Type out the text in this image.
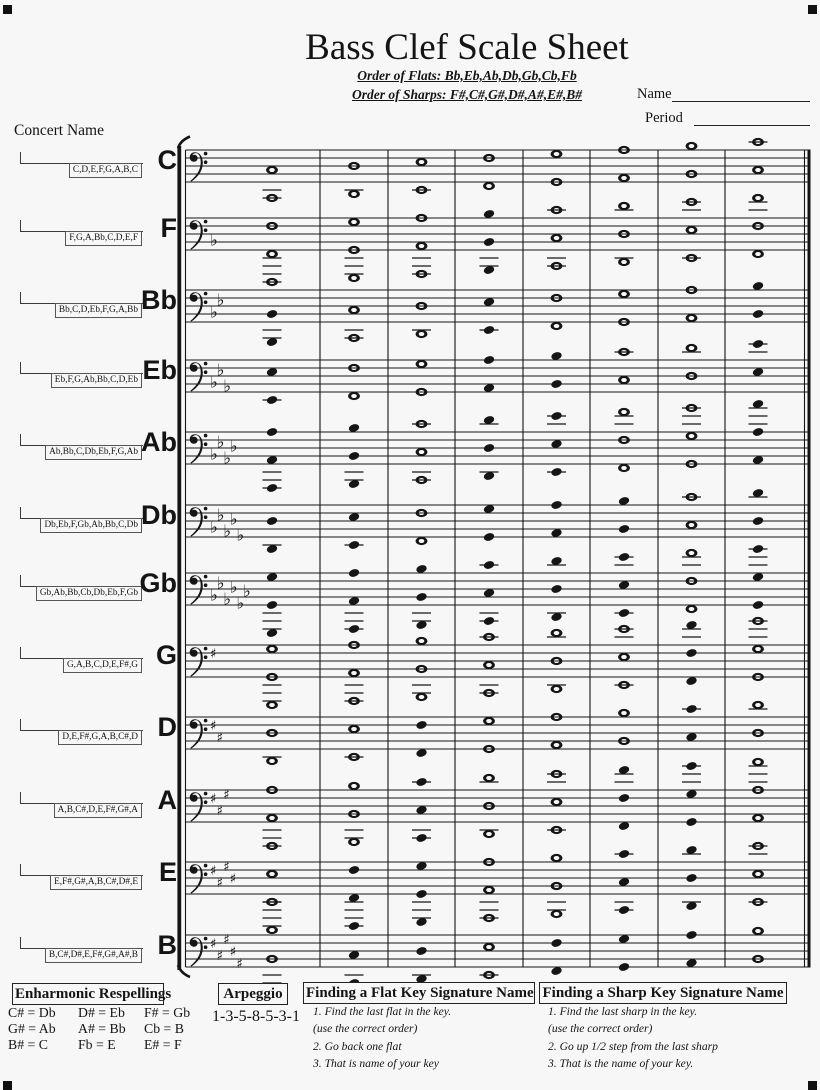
Bass Clef Scale Sheet
Order of Flats: Bb,Eb,Ab,Db,Gb,Cb,Fb
Order of Sharps: F#,C#,G#,D#,A#,E#,B#	Name
Period
Concert Name
C,D,E,F,G,A,B,C C
F,G,A,Bb,C,D,E,F F
Bb,C,D,Eb,F,G,A,Bb Bb
Eb,F,G,Ab,Bb,C,D,Eb Eb
Ab,Bb,C,Db,Eb,F,G,Ab Ab
Db,Eb,F,Gb,Ab,Bb,C,Db Db
Gb,Ab,Bb,Cb,Db,Eb,F,Gb Gb
G,A,B,C,D,E,F#,G G
D,E,F#,G,A,B,C#,D D
A,B,C#,D,E,F#,G#,A A
E,F#,G#,A,B,C#,D#,E E
B,C#,D#,E,F#,G#,A#,B B
♭
♭
♭
♭
♭
♭
♭
♭
♭
♭
♭
♭
♭
♭
♭
♭
♭
♭
♭
♭
♭
♯
♯
♯
♯
♯
♯
♯
♯
♯
♯
♯
♯
♯
♯
♯
Enharmonic Respellings
C# = Db D# = Eb F# = Gb
G# = Ab A# = Bb Cb = B
B# = C Fb = E E# = F
Arpeggio
1-3-5-8-5-3-1
Finding a Flat Key Signature Name
1. Find the last flat in the key.
(use the correct order)
2. Go back one flat
3. That is name of your key
Finding a Sharp Key Signature Name
1. Find the last sharp in the key.
(use the correct order)
2. Go up 1/2 step from the last sharp
3. That is the name of your key.
